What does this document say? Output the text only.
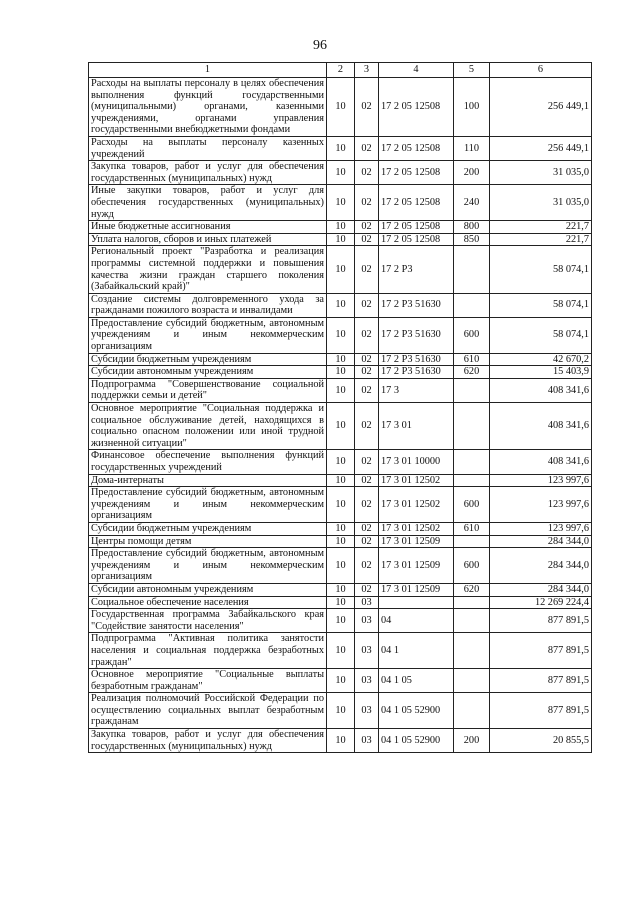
96
1	2	3	4	5	6
Расходы на выплаты персоналу в целях обеспечения выполнения функций государственными (муниципальными) органами, казенными учреждениями, органами управления государственными внебюджетными фондами	10	02	17 2 05 12508	100	256 449,1
Расходы на выплаты персоналу казенных учреждений	10	02	17 2 05 12508	110	256 449,1
Закупка товаров, работ и услуг для обеспечения государственных (муниципальных) нужд	10	02	17 2 05 12508	200	31 035,0
Иные закупки товаров, работ и услуг для обеспечения государственных (муниципальных) нужд	10	02	17 2 05 12508	240	31 035,0
Иные бюджетные ассигнования	10	02	17 2 05 12508	800	221,7
Уплата налогов, сборов и иных платежей	10	02	17 2 05 12508	850	221,7
Региональный проект "Разработка и реализация программы системной поддержки и повышения качества жизни граждан старшего поколения (Забайкальский край)"	10	02	17 2 P3		58 074,1
Создание системы долговременного ухода за гражданами пожилого возраста и инвалидами	10	02	17 2 P3 51630		58 074,1
Предоставление субсидий бюджетным, автономным учреждениям и иным некоммерческим организациям	10	02	17 2 P3 51630	600	58 074,1
Субсидии бюджетным учреждениям	10	02	17 2 P3 51630	610	42 670,2
Субсидии автономным учреждениям	10	02	17 2 P3 51630	620	15 403,9
Подпрограмма "Совершенствование социальной поддержки семьи и детей"	10	02	17 3		408 341,6
Основное мероприятие "Социальная поддержка и социальное обслуживание детей, находящихся в социально опасном положении или иной трудной жизненной ситуации"	10	02	17 3 01		408 341,6
Финансовое обеспечение выполнения функций государственных учреждений	10	02	17 3 01 10000		408 341,6
Дома-интернаты	10	02	17 3 01 12502		123 997,6
Предоставление субсидий бюджетным, автономным учреждениям и иным некоммерческим организациям	10	02	17 3 01 12502	600	123 997,6
Субсидии бюджетным учреждениям	10	02	17 3 01 12502	610	123 997,6
Центры помощи детям	10	02	17 3 01 12509		284 344,0
Предоставление субсидий бюджетным, автономным учреждениям и иным некоммерческим организациям	10	02	17 3 01 12509	600	284 344,0
Субсидии автономным учреждениям	10	02	17 3 01 12509	620	284 344,0
Социальное обеспечение населения	10	03			12 269 224,4
Государственная программа Забайкальского края "Содействие занятости населения"	10	03	04		877 891,5
Подпрограмма "Активная политика занятости населения и социальная поддержка безработных граждан"	10	03	04 1		877 891,5
Основное мероприятие "Социальные выплаты безработным гражданам"	10	03	04 1 05		877 891,5
Реализация полномочий Российской Федерации по осуществлению социальных выплат безработным гражданам	10	03	04 1 05 52900		877 891,5
Закупка товаров, работ и услуг для обеспечения государственных (муниципальных) нужд	10	03	04 1 05 52900	200	20 855,5
